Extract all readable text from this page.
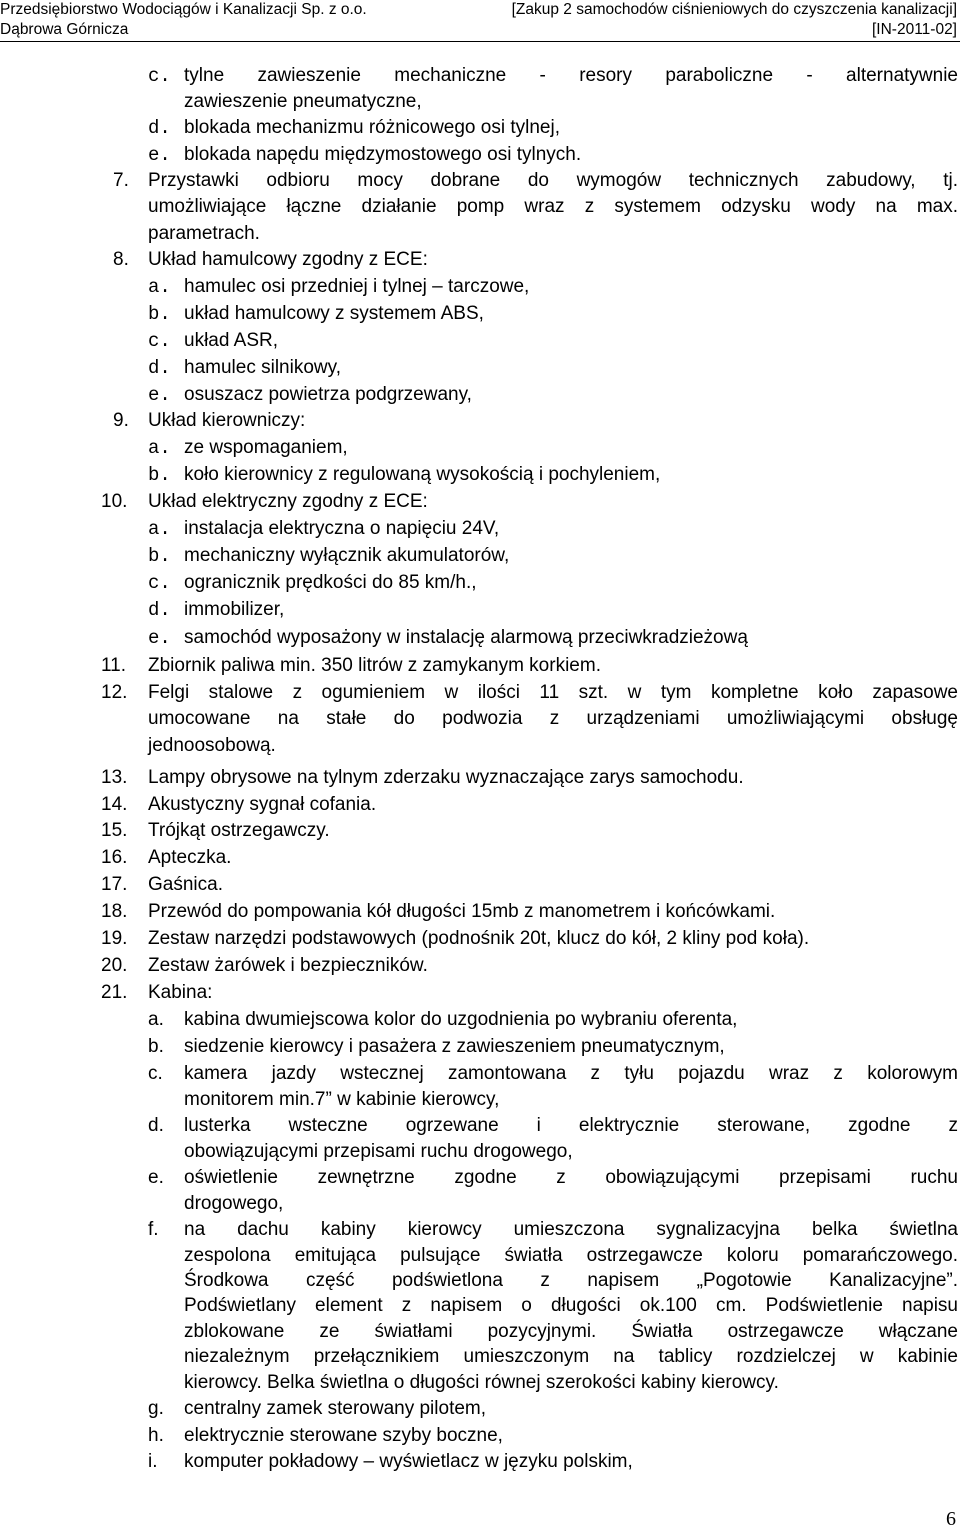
Przedsiębiorstwo Wodociągów i Kanalizacji Sp. z o.o.	[Zakup 2 samochodów ciśnieniowych do czyszczenia kanalizacji]
Dąbrowa Górnicza	[IN-2011-02]
c. tylne zawieszenie mechaniczne - resory paraboliczne - alternatywnie
zawieszenie pneumatyczne,
d. blokada mechanizmu różnicowego osi tylnej,
e. blokada napędu międzymostowego osi tylnych.
7. Przystawki odbioru mocy dobrane do wymogów technicznych zabudowy, tj.
umożliwiające łączne działanie pomp wraz z systemem odzysku wody na max.
parametrach.
8. Układ hamulcowy zgodny z ECE:
a. hamulec osi przedniej i tylnej – tarczowe,
b. układ hamulcowy z systemem ABS,
c. układ ASR,
d. hamulec silnikowy,
e. osuszacz powietrza podgrzewany,
9. Układ kierowniczy:
a. ze wspomaganiem,
b. koło kierownicy z regulowaną wysokością i pochyleniem,
10. Układ elektryczny zgodny z ECE:
a. instalacja elektryczna o napięciu 24V,
b. mechaniczny wyłącznik akumulatorów,
c. ogranicznik prędkości do 85 km/h.,
d. immobilizer,
e. samochód wyposażony w instalację alarmową przeciwkradzieżową
11. Zbiornik paliwa min. 350 litrów z zamykanym korkiem.
12. Felgi stalowe z ogumieniem w ilości 11 szt. w tym kompletne koło zapasowe
umocowane na stałe do podwozia z urządzeniami umożliwiającymi obsługę
jednoosobową.
13. Lampy obrysowe na tylnym zderzaku wyznaczające zarys samochodu.
14. Akustyczny sygnał cofania.
15. Trójkąt ostrzegawczy.
16. Apteczka.
17. Gaśnica.
18. Przewód do pompowania kół długości 15mb z manometrem i końcówkami.
19. Zestaw narzędzi podstawowych (podnośnik 20t, klucz do kół, 2 kliny pod koła).
20. Zestaw żarówek i bezpieczników.
21. Kabina:
a. kabina dwumiejscowa kolor do uzgodnienia po wybraniu oferenta,
b. siedzenie kierowcy i pasażera z zawieszeniem pneumatycznym,
c. kamera jazdy wstecznej zamontowana z tyłu pojazdu wraz z kolorowym
monitorem min.7” w kabinie kierowcy,
d. lusterka wsteczne ogrzewane i elektrycznie sterowane, zgodne z
obowiązującymi przepisami ruchu drogowego,
e. oświetlenie zewnętrzne zgodne z obowiązującymi przepisami ruchu
drogowego,
f. na dachu kabiny kierowcy umieszczona sygnalizacyjna belka świetlna
zespolona emitująca pulsujące światła ostrzegawcze koloru pomarańczowego.
Środkowa część podświetlona z napisem „Pogotowie Kanalizacyjne”.
Podświetlany element z napisem o długości ok.100 cm. Podświetlenie napisu
zblokowane ze światłami pozycyjnymi. Światła ostrzegawcze włączane
niezależnym przełącznikiem umieszczonym na tablicy rozdzielczej w kabinie
kierowcy. Belka świetlna o długości równej szerokości kabiny kierowcy.
g. centralny zamek sterowany pilotem,
h. elektrycznie sterowane szyby boczne,
i. komputer pokładowy – wyświetlacz w języku polskim,
6
